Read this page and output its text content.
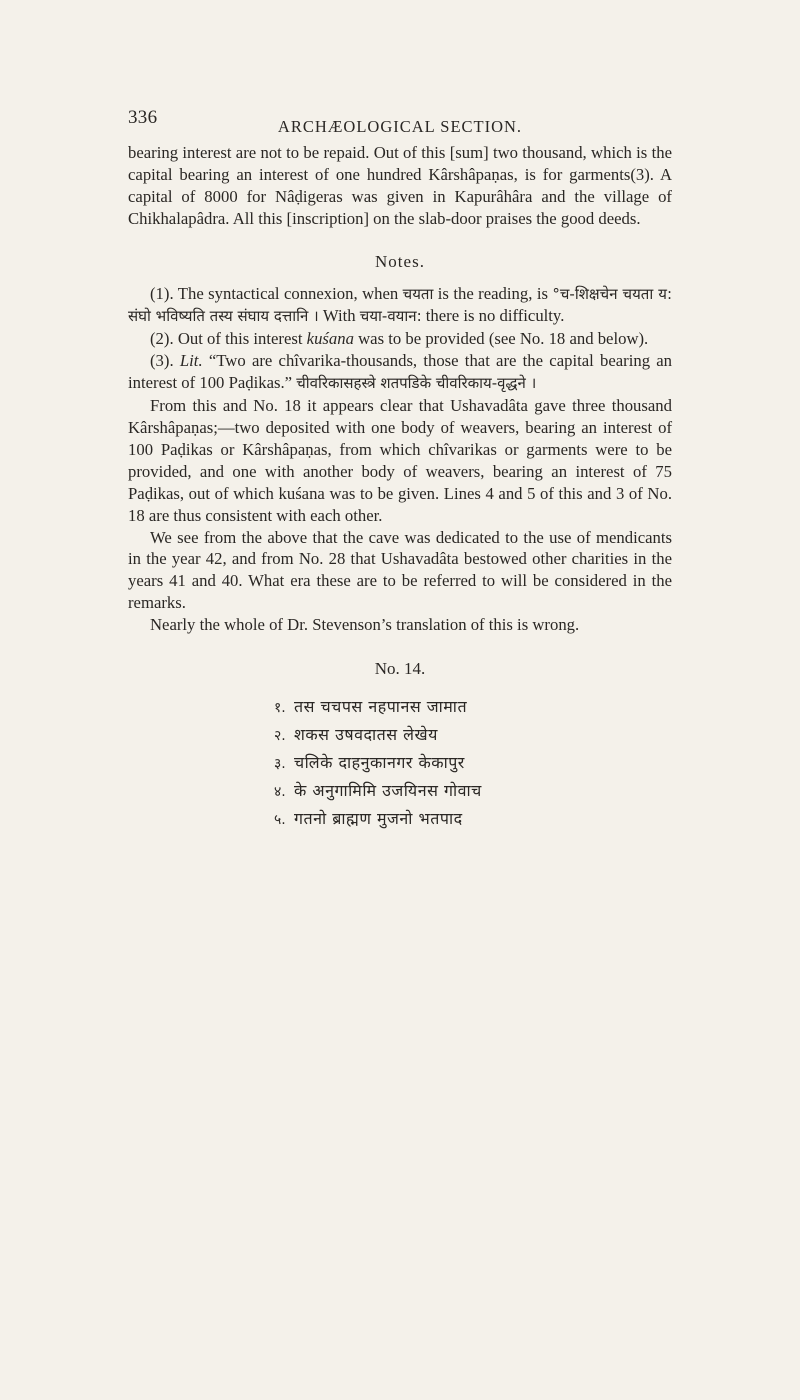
336	ARCHÆOLOGICAL SECTION.

bearing interest are not to be repaid. Out of this [sum] two thousand, which is the capital bearing an interest of one hundred Kârshâpaṇas, is for garments(3). A capital of 8000 for Nâḍigeras was given in Kapurâhâra and the village of Chikhalapâdra. All this [inscription] on the slab-door praises the good deeds.

Notes.

(1). The syntactical connexion, when चयता is the reading, is °च-शिक्षचेन चयता य: संघो भविष्यति तस्य संघाय दत्तानि । With चया-वयान: there is no difficulty.

(2). Out of this interest kuśana was to be provided (see No. 18 and below).

(3). Lit. “Two are chîvarika-thousands, those that are the capital bearing an interest of 100 Paḍikas.” चीवरिकासहस्त्रे शतपडिके चीवरिकाय-वृद्धने ।

From this and No. 18 it appears clear that Ushavadâta gave three thousand Kârshâpaṇas;—two deposited with one body of weavers, bearing an interest of 100 Paḍikas or Kârshâpaṇas, from which chîvarikas or garments were to be provided, and one with another body of weavers, bearing an interest of 75 Paḍikas, out of which kuśana was to be given. Lines 4 and 5 of this and 3 of No. 18 are thus consistent with each other.

We see from the above that the cave was dedicated to the use of mendicants in the year 42, and from No. 28 that Ushavadâta bestowed other charities in the years 41 and 40. What era these are to be referred to will be considered in the remarks.

Nearly the whole of Dr. Stevenson’s translation of this is wrong.

No. 14.
१. तस चचपस नहपानस जामात
२. शकस उषवदातस लेखेय
३. चलिके दाहनुकानगर केकापुर
४. के अनुगामिमि उजयिनस गोवाच
५. गतनो ब्राह्मण मुजनो भतपाद
